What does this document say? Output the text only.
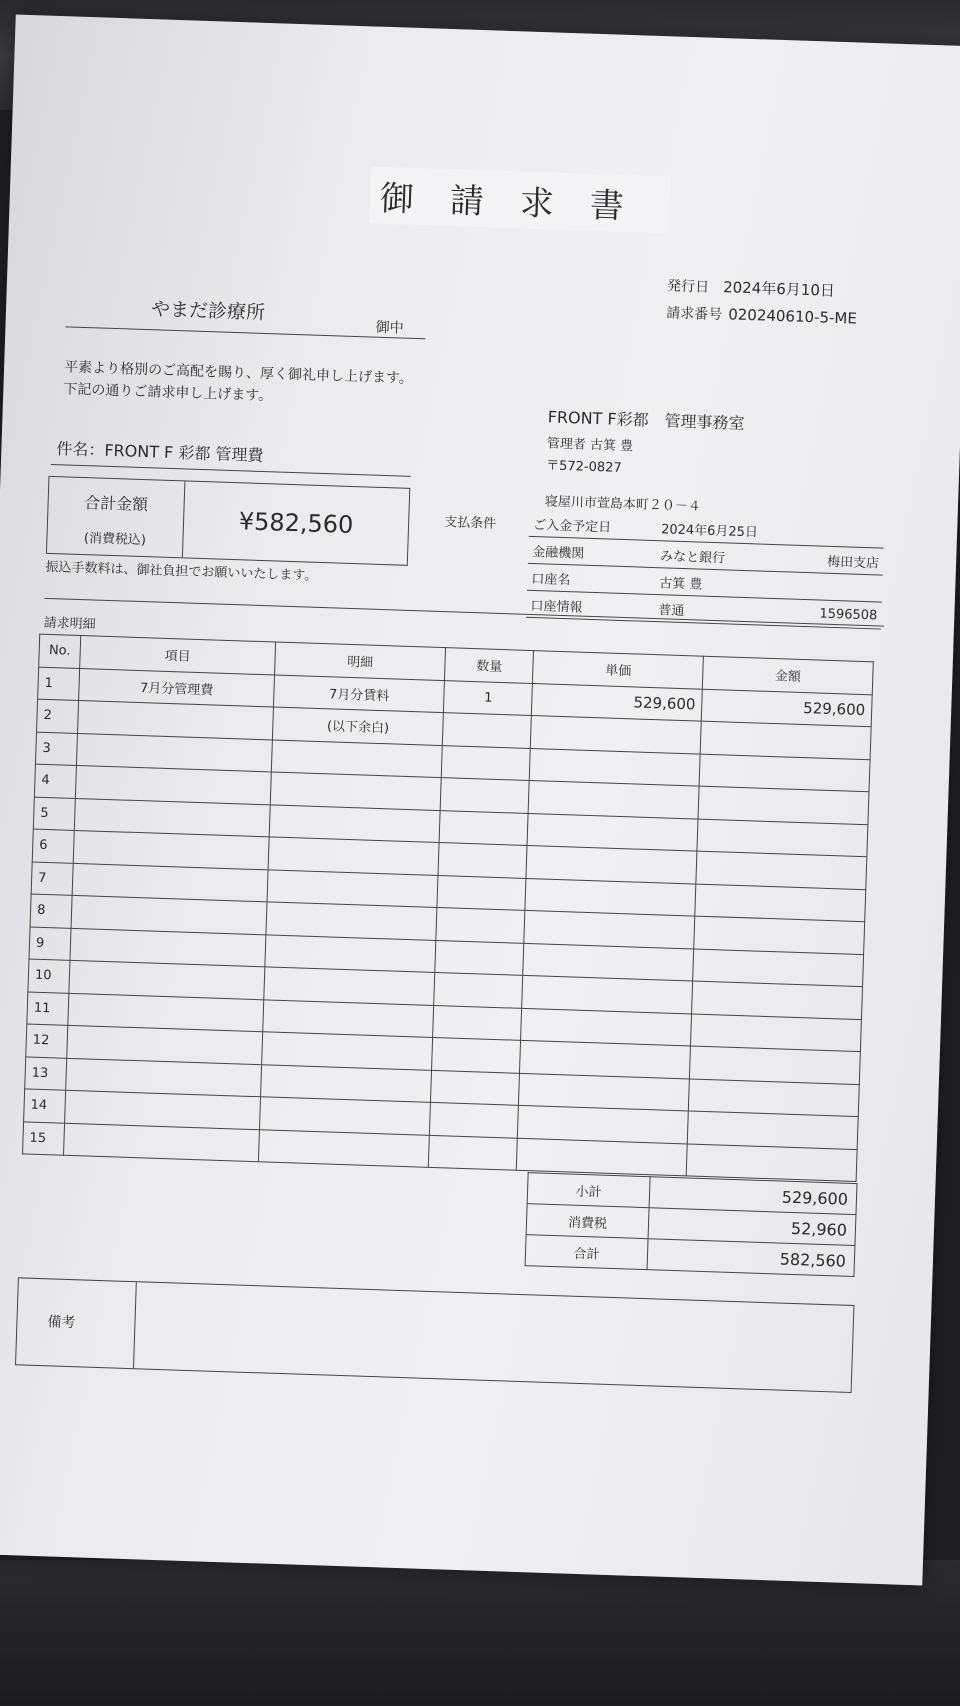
御請求書
発行日 2024年6月10日
請求番号 020240610-5-ME
やまだ診療所
御中
平素より格別のご高配を賜り、厚く御礼申し上げます。
下記の通りご請求申し上げます。
FRONT F彩都　管理事務室
管理者 古箕 豊
〒572-0827
寝屋川市萱島本町２０－４
件名：FRONT F 彩都 管理費
合計金額
(消費税込)
¥582,560
振込手数料は、御社負担でお願いいたします。
支払条件	ご入金予定日	2024年6月25日	
金融機関	みなと銀行	梅田支店
口座名	古箕 豊	
口座情報	普通	1596508
請求明細
No.	項目	明細	数量	単価	金額
1	7月分管理費	7月分賃料	1	529,600	529,600
2		(以下余白)			
3					
4					
5					
6					
7					
8					
9					
10					
11					
12					
13					
14					
15					
小計	529,600
消費税	52,960
合計	582,560
備考
